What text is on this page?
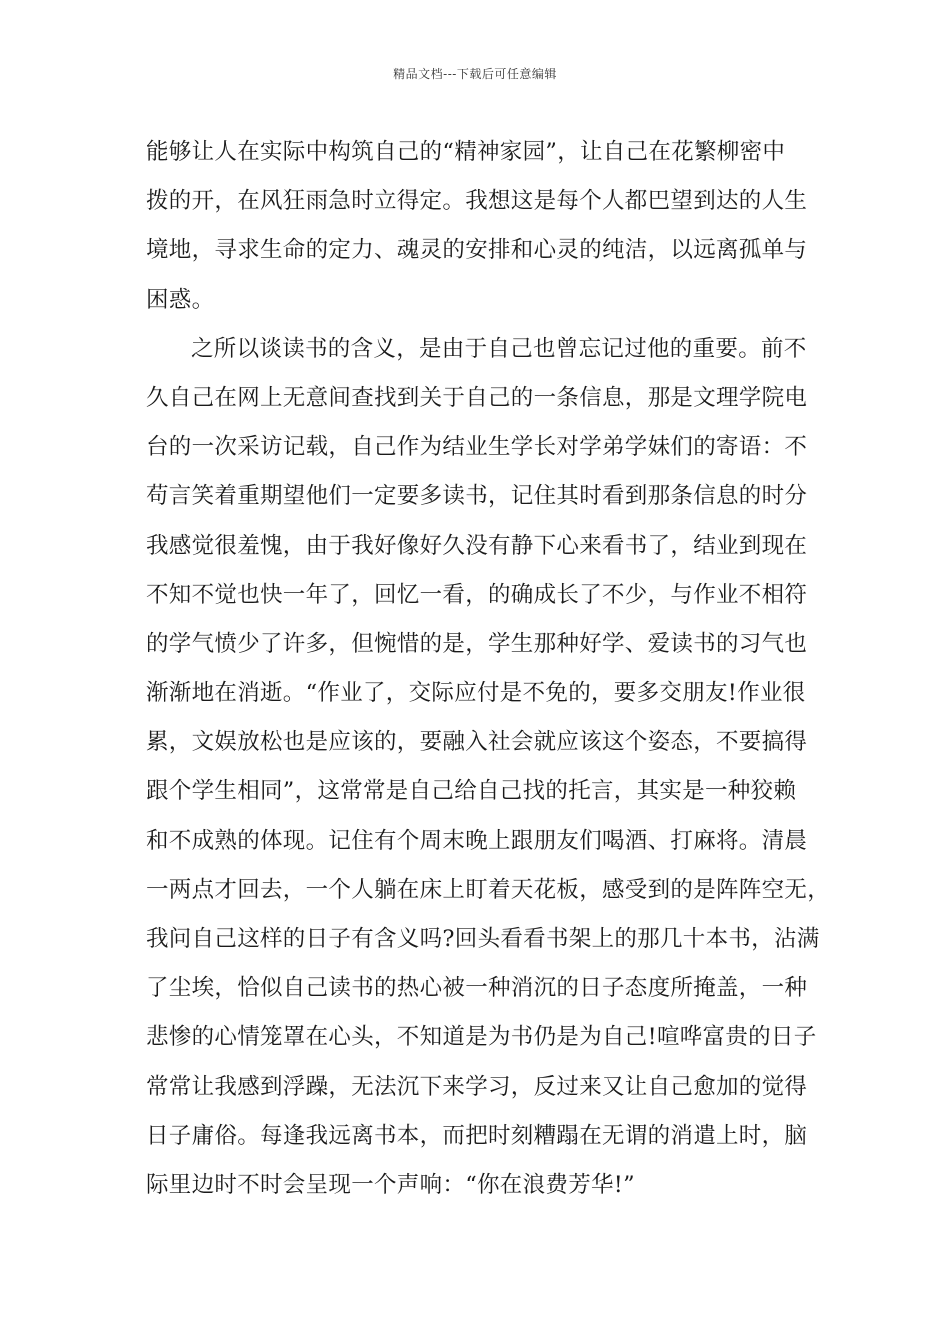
精品文档---下载后可任意编辑
能够让人在实际中构筑自己的“精神家园”，让自己在花繁柳密中
拨的开，在风狂雨急时立得定。我想这是每个人都巴望到达的人生
境地，寻求生命的定力、魂灵的安排和心灵的纯洁，以远离孤单与
困惑。
之所以谈读书的含义，是由于自己也曾忘记过他的重要。前不
久自己在网上无意间查找到关于自己的一条信息，那是文理学院电
台的一次采访记载，自己作为结业生学长对学弟学妹们的寄语：不
苟言笑着重期望他们一定要多读书，记住其时看到那条信息的时分
我感觉很羞愧，由于我好像好久没有静下心来看书了，结业到现在
不知不觉也快一年了，回忆一看，的确成长了不少，与作业不相符
的学气愤少了许多，但惋惜的是，学生那种好学、爱读书的习气也
渐渐地在消逝。“作业了，交际应付是不免的，要多交朋友!作业很
累，文娱放松也是应该的，要融入社会就应该这个姿态，不要搞得
跟个学生相同”，这常常是自己给自己找的托言，其实是一种狡赖
和不成熟的体现。记住有个周末晚上跟朋友们喝酒、打麻将。清晨
一两点才回去，一个人躺在床上盯着天花板，感受到的是阵阵空无，
我问自己这样的日子有含义吗?回头看看书架上的那几十本书，沾满
了尘埃，恰似自己读书的热心被一种消沉的日子态度所掩盖，一种
悲惨的心情笼罩在心头，不知道是为书仍是为自己!喧哗富贵的日子
常常让我感到浮躁，无法沉下来学习，反过来又让自己愈加的觉得
日子庸俗。每逢我远离书本，而把时刻糟蹋在无谓的消遣上时，脑
际里边时不时会呈现一个声响：“你在浪费芳华!”
